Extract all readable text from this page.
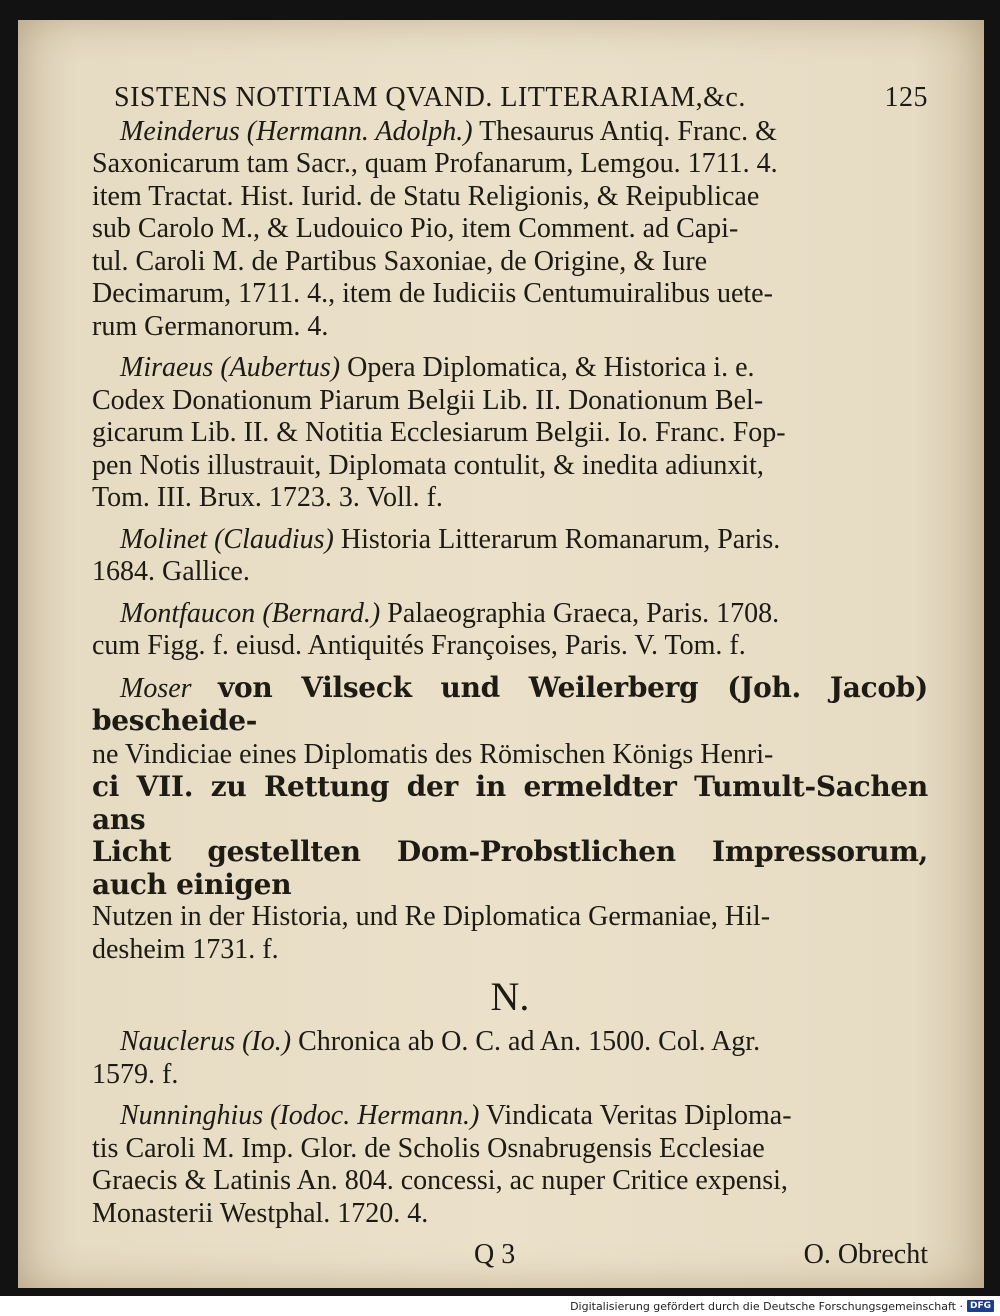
SISTENS NOTITIAM QVAND. LITTERARIAM,&c.	125

Meinderus (Hermann. Adolph.) Thesaurus Antiq. Franc. &

Saxonicarum tam Sacr., quam Profanarum, Lemgou. 1711. 4.

item Tractat. Hist. Iurid. de Statu Religionis, & Reipublicae

sub Carolo M., & Ludouico Pio, item Comment. ad Capi-

tul. Caroli M. de Partibus Saxoniae, de Origine, & Iure

Decimarum, 1711. 4., item de Iudiciis Centumuiralibus uete-

rum Germanorum. 4.

Miraeus (Aubertus) Opera Diplomatica, & Historica i. e.

Codex Donationum Piarum Belgii Lib. II. Donationum Bel-

gicarum Lib. II. & Notitia Ecclesiarum Belgii. Io. Franc. Fop-

pen Notis illustrauit, Diplomata contulit, & inedita adiunxit,

Tom. III. Brux. 1723. 3. Voll. f.

Molinet (Claudius) Historia Litterarum Romanarum, Paris.

1684. Gallice.

Montfaucon (Bernard.) Palaeographia Graeca, Paris. 1708.

cum Figg. f. eiusd. Antiquités Françoises, Paris. V. Tom. f.

Moser von Vilseck und Weilerberg (Joh. Jacob) bescheide-

ne Vindiciae eines Diplomatis des Römischen Königs Henri-

ci VII. zu Rettung der in ermeldter Tumult-Sachen ans

Licht gestellten Dom-Probstlichen Impressorum, auch einigen

Nutzen in der Historia, und Re Diplomatica Germaniae, Hil-

desheim 1731. f.

N.

Nauclerus (Io.) Chronica ab O. C. ad An. 1500. Col. Agr.

1579. f.

Nunninghius (Iodoc. Hermann.) Vindicata Veritas Diploma-

tis Caroli M. Imp. Glor. de Scholis Osnabrugensis Ecclesiae

Graecis & Latinis An. 804. concessi, ac nuper Critice expensi,

Monasterii Westphal. 1720. 4.

Q 3	O. Obrecht
Digitalisierung gefördert durch die Deutsche Forschungsgemeinschaft · DFG
